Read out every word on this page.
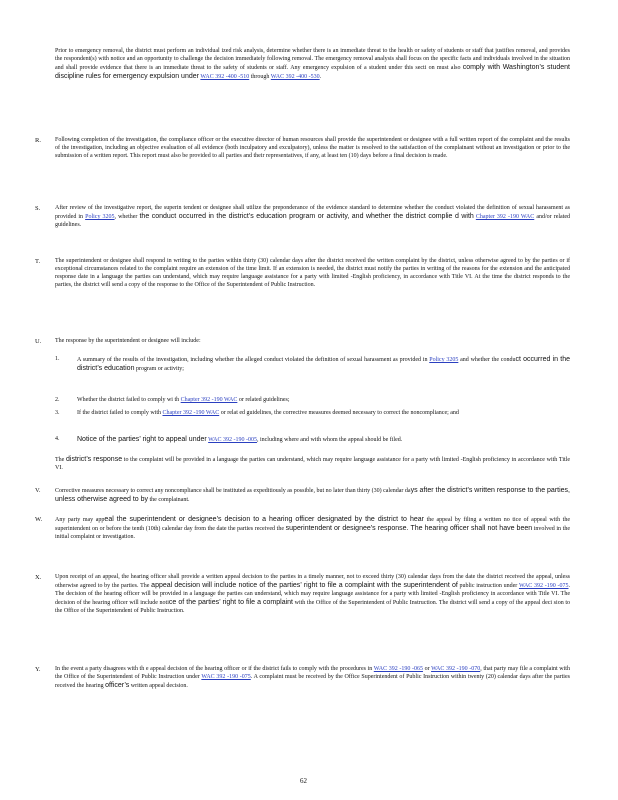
Prior to emergency removal, the district must perform an individual ized risk analysis, determine whether there is an immediate threat to the health or safety of students or staff that justifies removal, and provides the respondent(s) with notice and an opportunity to challenge the decision immediately following removal. The emergency removal analysis shall focus on the specific facts and individuals involved in the situation and shall provide evidence that there is an immediate threat to the safety of students or staff. Any emergency expulsion of a student under this secti on must also comply with Washington’s student discipline rules for emergency expulsion under WAC 392 -400 -510 through WAC 392 -400 -530.
R. Following completion of the investigation, the compliance officer or the executive director of human resources shall provide the superintendent or designee with a full written report of the complaint and the results of the investigation, including an objective evaluation of all evidence (both inculpatory and exculpatory), unless the matter is resolved to the satisfaction of the complainant without an investigation or prior to the submission of a written report. This report must also be provided to all parties and their representatives, if any, at least ten (10) days before a final decision is made.
S. After review of the investigative report, the superin tendent or designee shall utilize the preponderance of the evidence standard to determine whether the conduct violated the definition of sexual harassment as provided in Policy 3205, whether the conduct occurred in the district’s education program or activity, and whether the district complie d with Chapter 392 -190 WAC and/or related guidelines.
T. The superintendent or designee shall respond in writing to the parties within thirty (30) calendar days after the district received the written complaint by the district, unless otherwise agreed to by the parties or if exceptional circumstances related to the complaint require an extension of the time limit. If an extension is needed, the district must notify the parties in writing of the reasons for the extension and the anticipated response date in a language the parties can understand, which may require language assistance for a party with limited -English proficiency, in accordance with Title VI. At the time the district responds to the parties, the district will send a copy of the response to the Office of the Superintendent of Public Instruction.
U. The response by the superintendent or designee will include:
1.	A summary of the results of the investigation, including whether the alleged conduct violated the definition of sexual harassment as provided in Policy 3205 and whether the conduct occurred in the district’s education program or activity;
2.	Whether the district failed to comply wi th Chapter 392 -190 WAC or related guidelines;
3.	If the district failed to comply with Chapter 392 -190 WAC or relat ed guidelines, the corrective measures deemed necessary to correct the noncompliance; and
4.	Notice of the parties’ right to appeal under WAC 392 -190 -005, including where and with whom the appeal should be filed.
The district’s response to the complaint will be provided in a language the parties can understand, which may require language assistance for a party with limited -English proficiency in accordance with Title VI.
V. Corrective measures necessary to correct any noncompliance shall be instituted as expeditiously as possible, but no later than thirty (30) calendar days after the district’s written response to the parties, unless otherwise agreed to by the complainant.
W. Any party may appeal the superintendent or designee’s decision to a hearing officer designated by the district to hear the appeal by filing a written no tice of appeal with the superintendent on or before the tenth (10th) calendar day from the date the parties received the superintendent or designee’s response. The hearing officer shall not have been involved in the initial complaint or investigation.
X. Upon receipt of an appeal, the hearing officer shall provide a written appeal decision to the parties in a timely manner, not to exceed thirty (30) calendar days from the date the district received the appeal, unless otherwise agreed to by the parties. The appeal decision will include notice of the parties’ right to file a complaint with the superintendent of public instruction under WAC 392 -190 -075. The decision of the hearing officer will be provided in a language the parties can understand, which may require language assistance for a party with limited -English proficiency in accordance with Title VI. The decision of the hearing officer will include notice of the parties’ right to file a complaint with the Office of the Superintendent of Public Instruction. The district will send a copy of the appeal deci sion to the Office of the Superintendent of Public Instruction.
Y. In the event a party disagrees with th e appeal decision of the hearing officer or if the district fails to comply with the procedures in WAC 392 -190 -065 or WAC 392 -190 -070, that party may file a complaint with the Office of the Superintendent of Public Instruction under WAC 392 -190 -075. A complaint must be received by the Office Superintendent of Public Instruction within twenty (20) calendar days after the parties received the hearing officer’s written appeal decision.
62
